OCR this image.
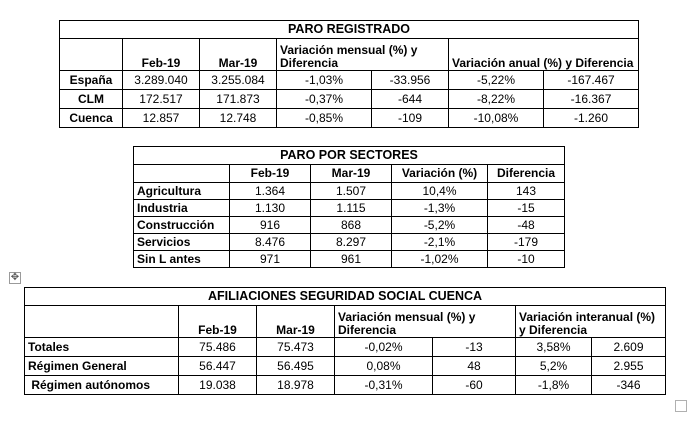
PARO REGISTRADO						
	Feb-19	Mar-19	Variación mensual (%) y Diferencia		Variación anual (%) y Diferencia	
España	3.289.040	3.255.084	-1,03%	-33.956	-5,22%	-167.467
CLM	172.517	171.873	-0,37%	-644	-8,22%	-16.367
Cuenca	12.857	12.748	-0,85%	-109	-10,08%	-1.260
PARO POR SECTORES				
	Feb-19	Mar-19	Variación (%)	Diferencia
Agricultura	1.364	1.507	10,4%	143
Industria	1.130	1.115	-1,3%	-15
Construcción	916	868	-5,2%	-48
Servicios	8.476	8.297	-2,1%	-179
Sin L antes	971	961	-1,02%	-10
✥
AFILIACIONES SEGURIDAD SOCIAL CUENCA						
	Feb-19	Mar-19	Variación mensual (%) y Diferencia		Variación interanual (%) y Diferencia	
Totales	75.486	75.473	-0,02%	-13	3,58%	2.609
Régimen General	56.447	56.495	0,08%	48	5,2%	2.955
Régimen autónomos	19.038	18.978	-0,31%	-60	-1,8%	-346
